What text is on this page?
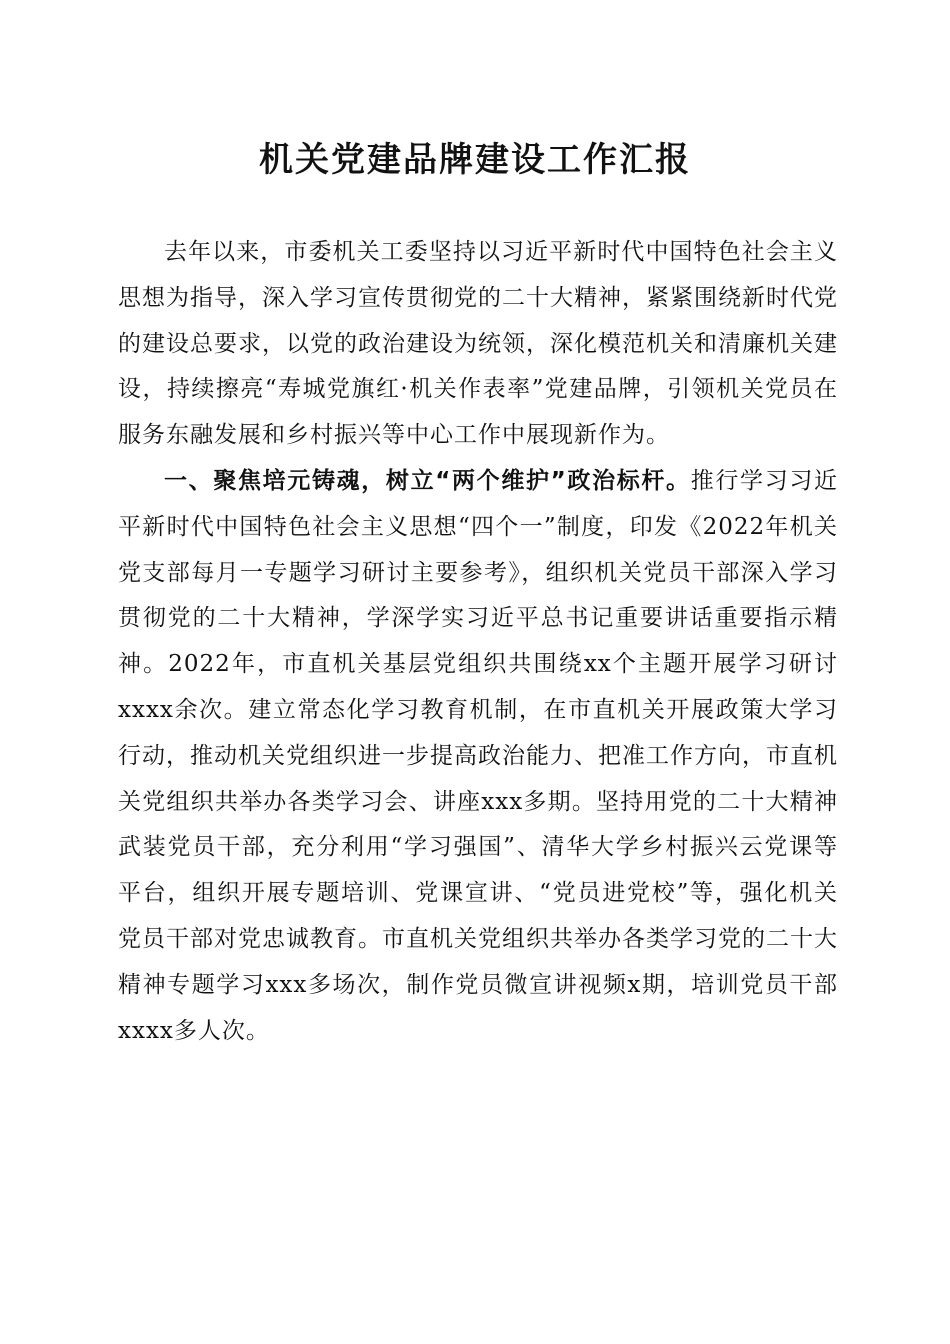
机关党建品牌建设工作汇报

去年以来，市委机关工委坚持以习近平新时代中国特色社会主义思想为指导，深入学习宣传贯彻党的二十大精神，紧紧围绕新时代党的建设总要求，以党的政治建设为统领，深化模范机关和清廉机关建设，持续擦亮“寿城党旗红·机关作表率”党建品牌，引领机关党员在服务东融发展和乡村振兴等中心工作中展现新作为。

一、聚焦培元铸魂，树立“两个维护”政治标杆。推行学习习近平新时代中国特色社会主义思想“四个一”制度，印发《2022年机关党支部每月一专题学习研讨主要参考》，组织机关党员干部深入学习贯彻党的二十大精神，学深学实习近平总书记重要讲话重要指示精神。2022年，市直机关基层党组织共围绕xx个主题开展学习研讨xxxx余次。建立常态化学习教育机制，在市直机关开展政策大学习行动，推动机关党组织进一步提高政治能力、把准工作方向，市直机关党组织共举办各类学习会、讲座xxx多期。坚持用党的二十大精神武装党员干部，充分利用“学习强国”、清华大学乡村振兴云党课等平台，组织开展专题培训、党课宣讲、“党员进党校”等，强化机关党员干部对党忠诚教育。市直机关党组织共举办各类学习党的二十大精神专题学习xxx多场次，制作党员微宣讲视频x期，培训党员干部xxxx多人次。
